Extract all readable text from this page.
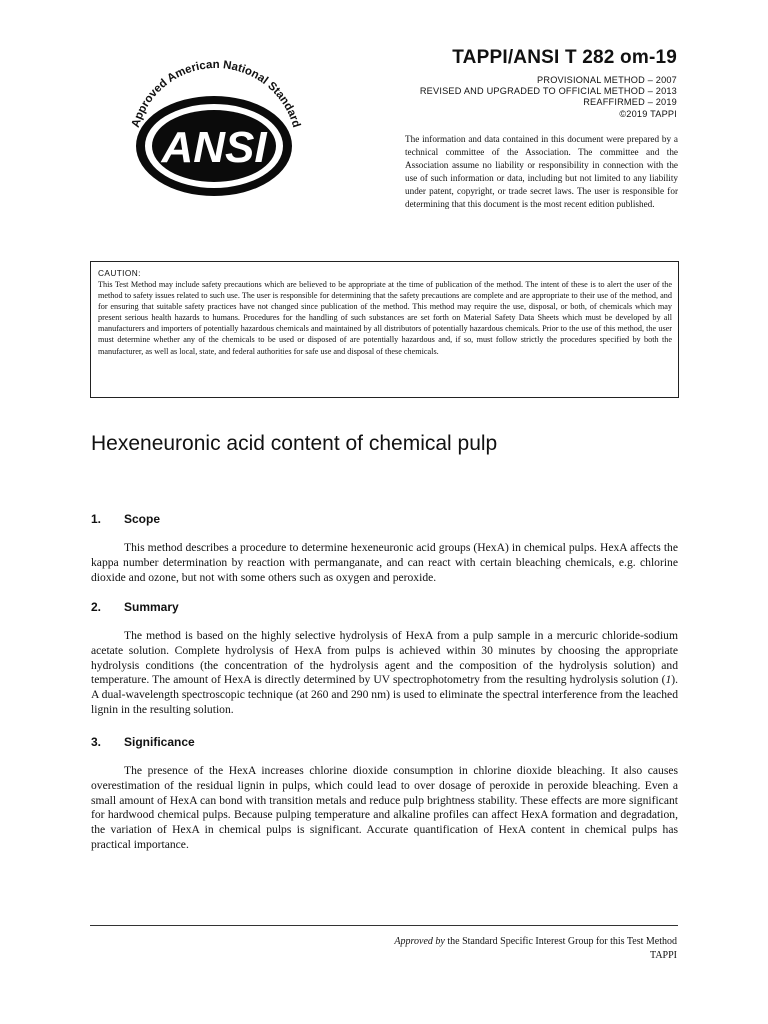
Approved American National Standard
ANSI
TAPPI/ANSI T 282 om-19
PROVISIONAL METHOD – 2007
REVISED AND UPGRADED TO OFFICIAL METHOD – 2013
REAFFIRMED – 2019
©2019 TAPPI
The information and data contained in this document were prepared by a technical committee of the Association. The committee and the Association assume no liability or responsibility in connection with the use of such information or data, including but not limited to any liability under patent, copyright, or trade secret laws. The user is responsible for determining that this document is the most recent edition published.
CAUTION:
This Test Method may include safety precautions which are believed to be appropriate at the time of publication of the method. The intent of these is to alert the user of the method to safety issues related to such use. The user is responsible for determining that the safety precautions are complete and are appropriate to their use of the method, and for ensuring that suitable safety practices have not changed since publication of the method. This method may require the use, disposal, or both, of chemicals which may present serious health hazards to humans. Procedures for the handling of such substances are set forth on Material Safety Data Sheets which must be developed by all manufacturers and importers of potentially hazardous chemicals and maintained by all distributors of potentially hazardous chemicals. Prior to the use of this method, the user must determine whether any of the chemicals to be used or disposed of are potentially hazardous and, if so, must follow strictly the procedures specified by both the manufacturer, as well as local, state, and federal authorities for safe use and disposal of these chemicals.
Hexeneuronic acid content of chemical pulp
1. Scope

This method describes a procedure to determine hexeneuronic acid groups (HexA) in chemical pulps. HexA affects the kappa number determination by reaction with permanganate, and can react with certain bleaching chemicals, e.g. chlorine dioxide and ozone, but not with some others such as oxygen and peroxide.

2. Summary

The method is based on the highly selective hydrolysis of HexA from a pulp sample in a mercuric chloride-sodium acetate solution. Complete hydrolysis of HexA from pulps is achieved within 30 minutes by choosing the appropriate hydrolysis conditions (the concentration of the hydrolysis agent and the composition of the hydrolysis solution) and temperature. The amount of HexA is directly determined by UV spectrophotometry from the resulting hydrolysis solution (1). A dual-wavelength spectroscopic technique (at 260 and 290 nm) is used to eliminate the spectral interference from the leached lignin in the resulting solution.

3. Significance

The presence of the HexA increases chlorine dioxide consumption in chlorine dioxide bleaching. It also causes overestimation of the residual lignin in pulps, which could lead to over dosage of peroxide in peroxide bleaching. Even a small amount of HexA can bond with transition metals and reduce pulp brightness stability. These effects are more significant for hardwood chemical pulps. Because pulping temperature and alkaline profiles can affect HexA formation and degradation, the variation of HexA in chemical pulps is significant. Accurate quantification of HexA content in chemical pulps has practical importance.

Approved by the Standard Specific Interest Group for this Test Method
TAPPI
